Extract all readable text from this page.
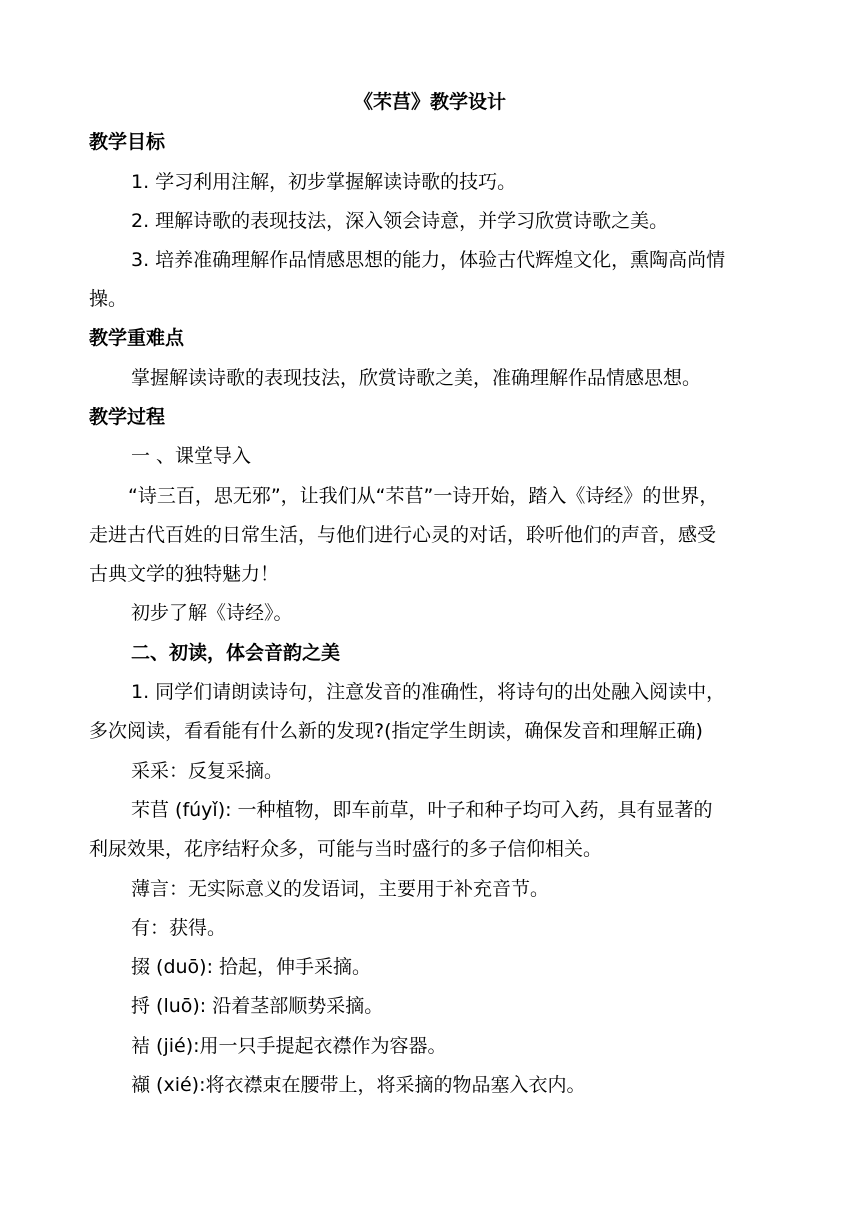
《芣莒》教学设计
教学目标
1. 学习利用注解，初步掌握解读诗歌的技巧。
2. 理解诗歌的表现技法，深入领会诗意，并学习欣赏诗歌之美。
3. 培养准确理解作品情感思想的能力，体验古代辉煌文化，熏陶高尚情
操。
教学重难点
掌握解读诗歌的表现技法，欣赏诗歌之美，准确理解作品情感思想。
教学过程
一 、课堂导入
“诗三百，思无邪”，让我们从“芣苢”一诗开始，踏入《诗经》的世界，
走进古代百姓的日常生活，与他们进行心灵的对话，聆听他们的声音，感受
古典文学的独特魅力！
初步了解《诗经》。
二、初读，体会音韵之美
1. 同学们请朗读诗句，注意发音的准确性，将诗句的出处融入阅读中，
多次阅读，看看能有什么新的发现?(指定学生朗读，确保发音和理解正确)
采采：反复采摘。
芣苢 (fúyǐ): 一种植物，即车前草，叶子和种子均可入药，具有显著的
利尿效果，花序结籽众多，可能与当时盛行的多子信仰相关。
薄言：无实际意义的发语词，主要用于补充音节。
有：获得。
掇 (duō): 拾起，伸手采摘。
捋 (luō): 沿着茎部顺势采摘。
袺 (jié):用一只手提起衣襟作为容器。
襭 (xié):将衣襟束在腰带上，将采摘的物品塞入衣内。
